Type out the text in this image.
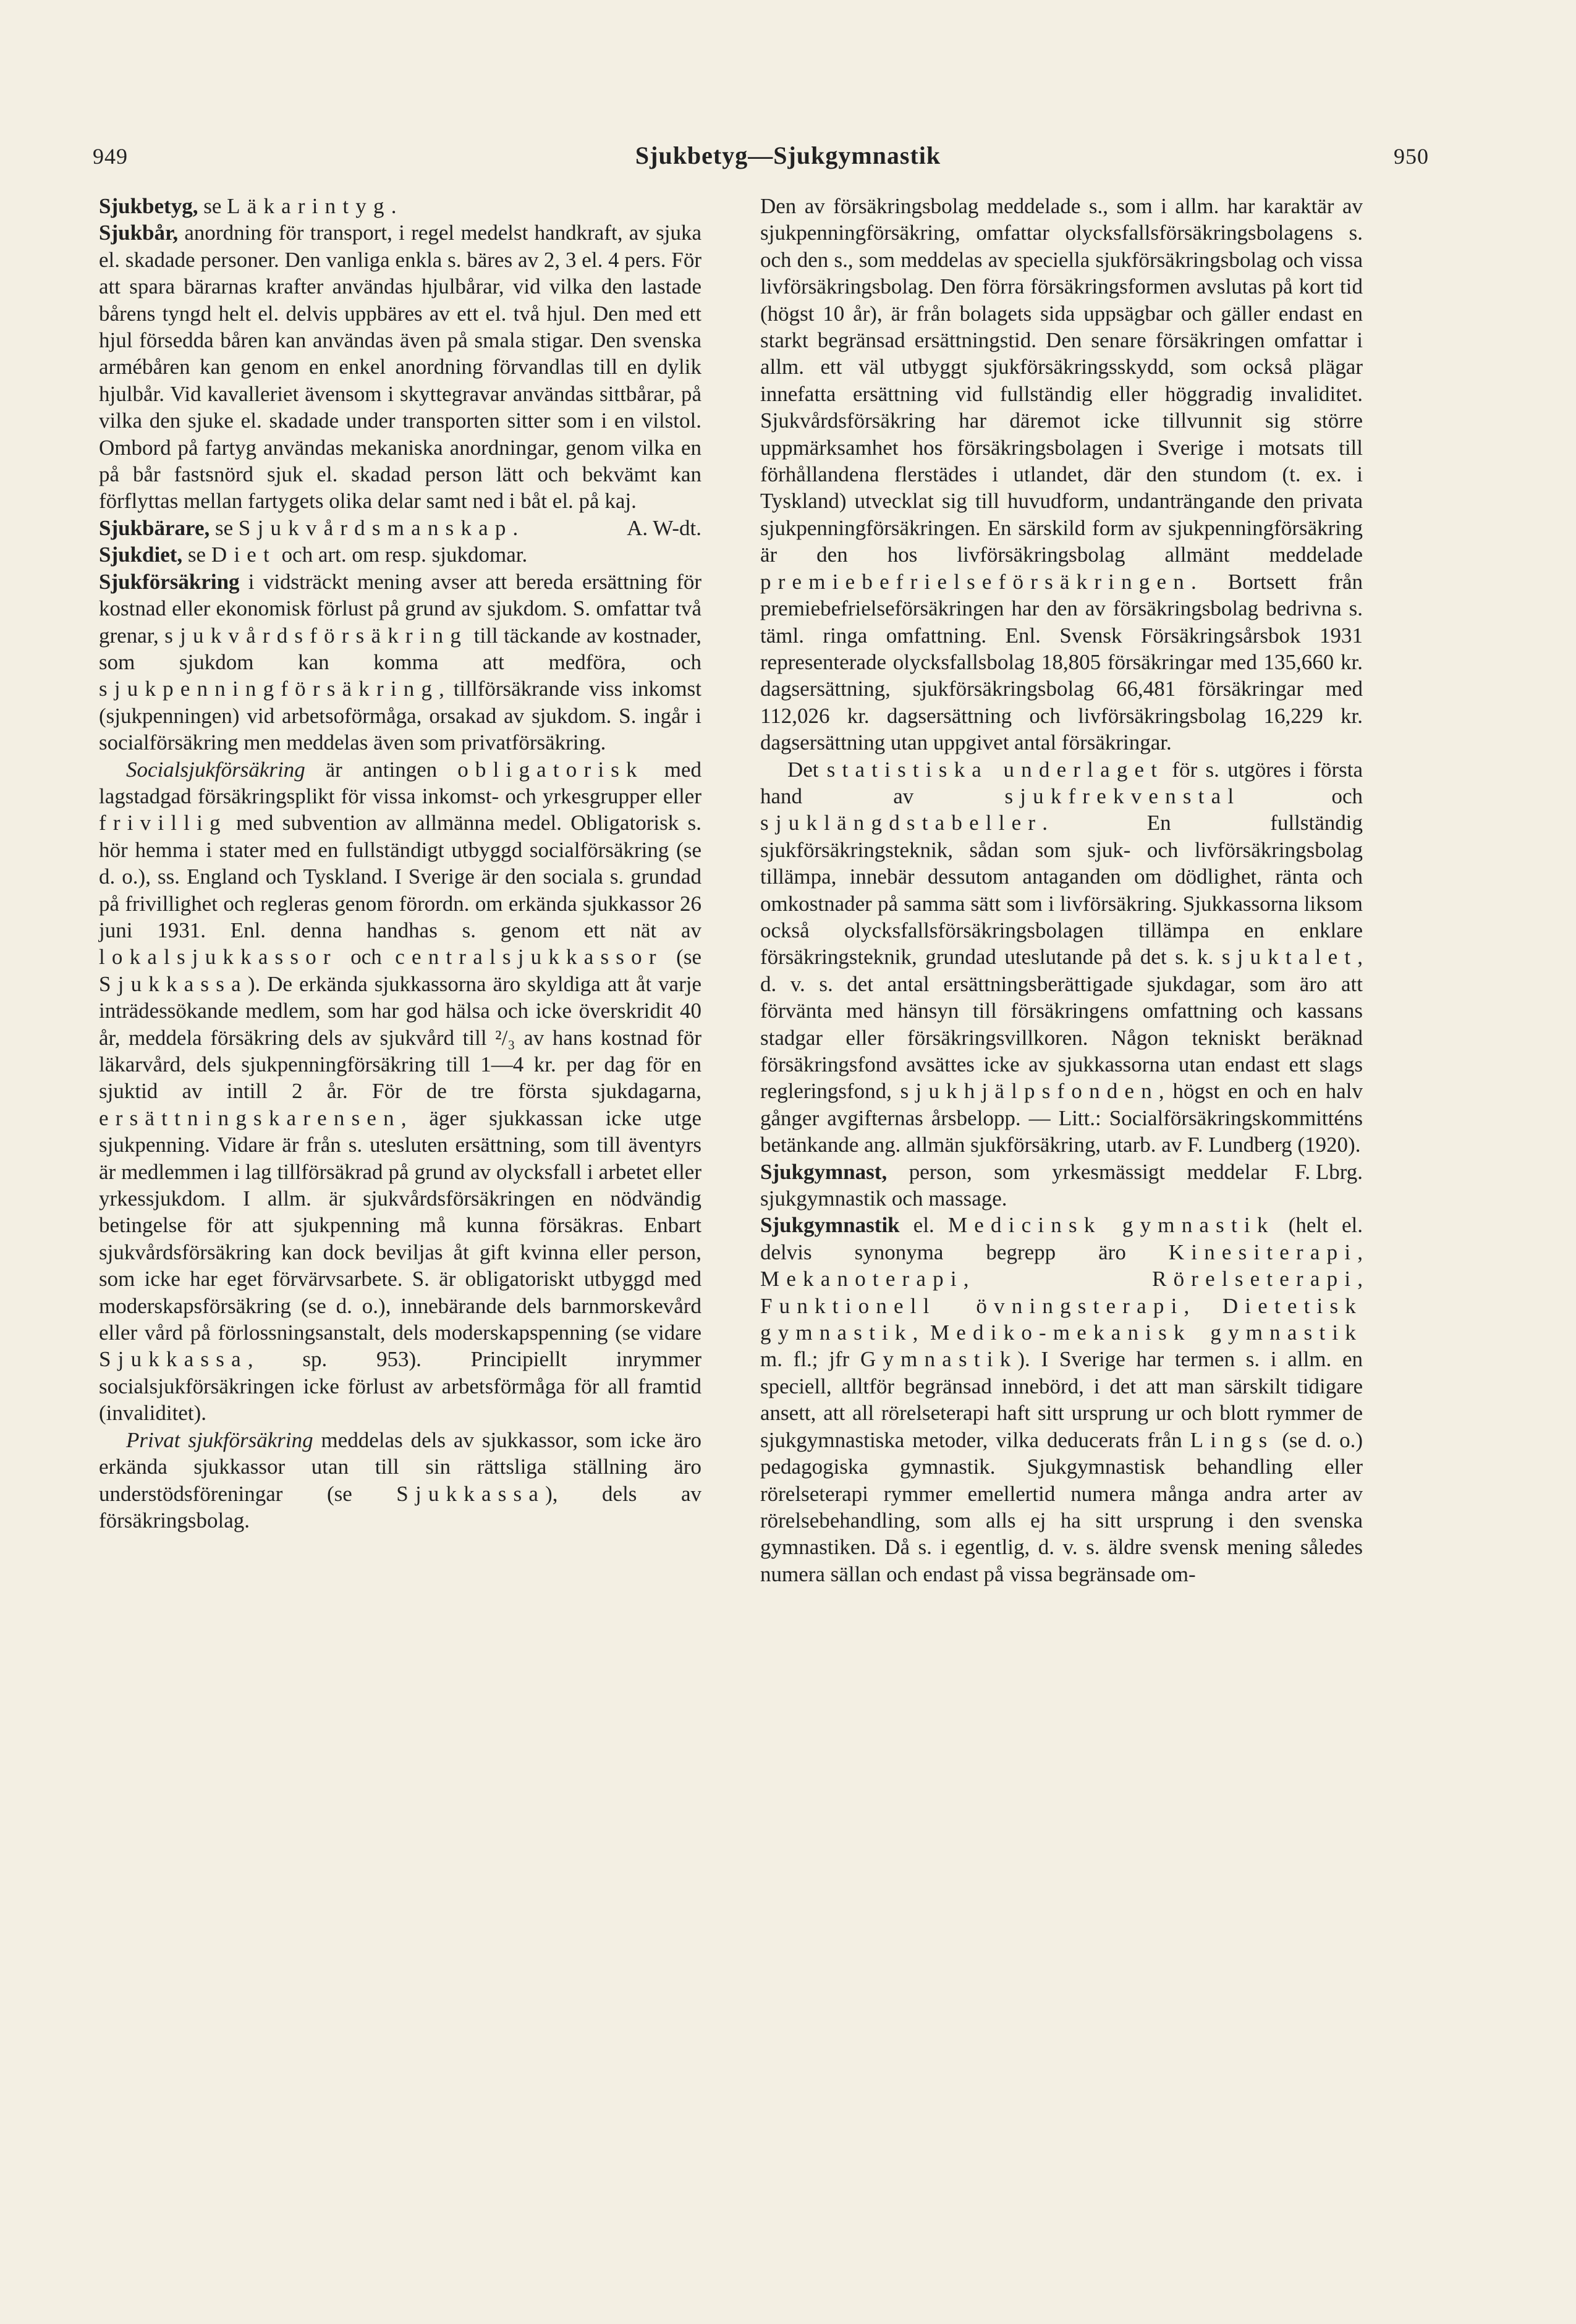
949	Sjukbetyg—Sjukgymnastik	950

Sjukbetyg, se Läkarintyg.

Sjukbår, anordning för transport, i regel medelst handkraft, av sjuka el. skadade personer. Den vanliga enkla s. bäres av 2, 3 el. 4 pers. För att spara bärarnas krafter användas hjulbårar, vid vilka den lastade bårens tyngd helt el. delvis uppbäres av ett el. två hjul. Den med ett hjul försedda båren kan användas även på smala stigar. Den svenska armébåren kan genom en enkel anordning förvandlas till en dylik hjulbår. Vid kavalleriet ävensom i skyttegravar användas sittbårar, på vilka den sjuke el. skadade under transporten sitter som i en vilstol. Ombord på fartyg användas mekaniska anordningar, genom vilka en på bår fastsnörd sjuk el. skadad person lätt och bekvämt kan förflyttas mellan fartygets olika delar samt ned i båt el. på kaj.
A. W-dt.

Sjukbärare, se Sjukvårdsmanskap.

Sjukdiet, se Diet och art. om resp. sjukdomar.

Sjukförsäkring i vidsträckt mening avser att bereda ersättning för kostnad eller ekonomisk förlust på grund av sjukdom. S. omfattar två grenar, sjukvårdsförsäkring till täckande av kostnader, som sjukdom kan komma att medföra, och sjukpenningförsäkring, tillförsäkrande viss inkomst (sjukpenningen) vid arbetsoförmåga, orsakad av sjukdom. S. ingår i socialförsäkring men meddelas även som privatförsäkring.

Socialsjukförsäkring är antingen obligatorisk med lagstadgad försäkringsplikt för vissa inkomst- och yrkesgrupper eller frivillig med subvention av allmänna medel. Obligatorisk s. hör hemma i stater med en fullständigt utbyggd socialförsäkring (se d. o.), ss. England och Tyskland. I Sverige är den sociala s. grundad på frivillighet och regleras genom förordn. om erkända sjukkassor 26 juni 1931. Enl. denna handhas s. genom ett nät av lokalsjukkassor och centralsjukkassor (se Sjukkassa). De erkända sjukkassorna äro skyldiga att åt varje inträdessökande medlem, som har god hälsa och icke överskridit 40 år, meddela försäkring dels av sjukvård till ²/₃ av hans kostnad för läkarvård, dels sjukpenningförsäkring till 1—4 kr. per dag för en sjuktid av intill 2 år. För de tre första sjukdagarna, ersättningskarensen, äger sjukkassan icke utge sjukpenning. Vidare är från s. utesluten ersättning, som till äventyrs är medlemmen i lag tillförsäkrad på grund av olycksfall i arbetet eller yrkessjukdom. I allm. är sjukvårdsförsäkringen en nödvändig betingelse för att sjukpenning må kunna försäkras. Enbart sjukvårdsförsäkring kan dock beviljas åt gift kvinna eller person, som icke har eget förvärvsarbete. S. är obligatoriskt utbyggd med moderskapsförsäkring (se d. o.), innebärande dels barnmorskevård eller vård på förlossningsanstalt, dels moderskapspenning (se vidare Sjukkassa, sp. 953). Principiellt inrymmer socialsjukförsäkringen icke förlust av arbetsförmåga för all framtid (invaliditet).

Privat sjukförsäkring meddelas dels av sjukkassor, som icke äro erkända sjukkassor utan till sin rättsliga ställning äro understödsföreningar (se Sjukkassa), dels av försäkringsbolag.

Den av försäkringsbolag meddelade s., som i allm. har karaktär av sjukpenningförsäkring, omfattar olycksfallsförsäkringsbolagens s. och den s., som meddelas av speciella sjukförsäkringsbolag och vissa livförsäkringsbolag. Den förra försäkringsformen avslutas på kort tid (högst 10 år), är från bolagets sida uppsägbar och gäller endast en starkt begränsad ersättningstid. Den senare försäkringen omfattar i allm. ett väl utbyggt sjukförsäkringsskydd, som också plägar innefatta ersättning vid fullständig eller höggradig invaliditet. Sjukvårdsförsäkring har däremot icke tillvunnit sig större uppmärksamhet hos försäkringsbolagen i Sverige i motsats till förhållandena flerstädes i utlandet, där den stundom (t. ex. i Tyskland) utvecklat sig till huvudform, undanträngande den privata sjukpenningförsäkringen. En särskild form av sjukpenningförsäkring är den hos livförsäkringsbolag allmänt meddelade premiebefrielseförsäkringen. Bortsett från premiebefrielseförsäkringen har den av försäkringsbolag bedrivna s. täml. ringa omfattning. Enl. Svensk Försäkringsårsbok 1931 representerade olycksfallsbolag 18,805 försäkringar med 135,660 kr. dagsersättning, sjukförsäkringsbolag 66,481 försäkringar med 112,026 kr. dagsersättning och livförsäkringsbolag 16,229 kr. dagsersättning utan uppgivet antal försäkringar.

Det statistiska underlaget för s. utgöres i första hand av sjukfrekvenstal och sjuklängdstabeller. En fullständig sjukförsäkringsteknik, sådan som sjuk- och livförsäkringsbolag tillämpa, innebär dessutom antaganden om dödlighet, ränta och omkostnader på samma sätt som i livförsäkring. Sjukkassorna liksom också olycksfallsförsäkringsbolagen tillämpa en enklare försäkringsteknik, grundad uteslutande på det s. k. sjuktalet, d. v. s. det antal ersättningsberättigade sjukdagar, som äro att förvänta med hänsyn till försäkringens omfattning och kassans stadgar eller försäkringsvillkoren. Någon tekniskt beräknad försäkringsfond avsättes icke av sjukkassorna utan endast ett slags regleringsfond, sjukhjälpsfonden, högst en och en halv gånger avgifternas årsbelopp. — Litt.: Socialförsäkringskommitténs betänkande ang. allmän sjukförsäkring, utarb. av F. Lundberg (1920).
F. Lbrg.

Sjukgymnast, person, som yrkesmässigt meddelar sjukgymnastik och massage.

Sjukgymnastik el. Medicinsk gymnastik (helt el. delvis synonyma begrepp äro Kinesiterapi, Mekanoterapi, Rörelseterapi, Funktionell övningsterapi, Dietetisk gymnastik, Mediko-mekanisk gymnastik m. fl.; jfr Gymnastik). I Sverige har termen s. i allm. en speciell, alltför begränsad innebörd, i det att man särskilt tidigare ansett, att all rörelseterapi haft sitt ursprung ur och blott rymmer de sjukgymnastiska metoder, vilka deducerats från Lings (se d. o.) pedagogiska gymnastik. Sjukgymnastisk behandling eller rörelseterapi rymmer emellertid numera många andra arter av rörelsebehandling, som alls ej ha sitt ursprung i den svenska gymnastiken. Då s. i egentlig, d. v. s. äldre svensk mening således numera sällan och endast på vissa begränsade om-
